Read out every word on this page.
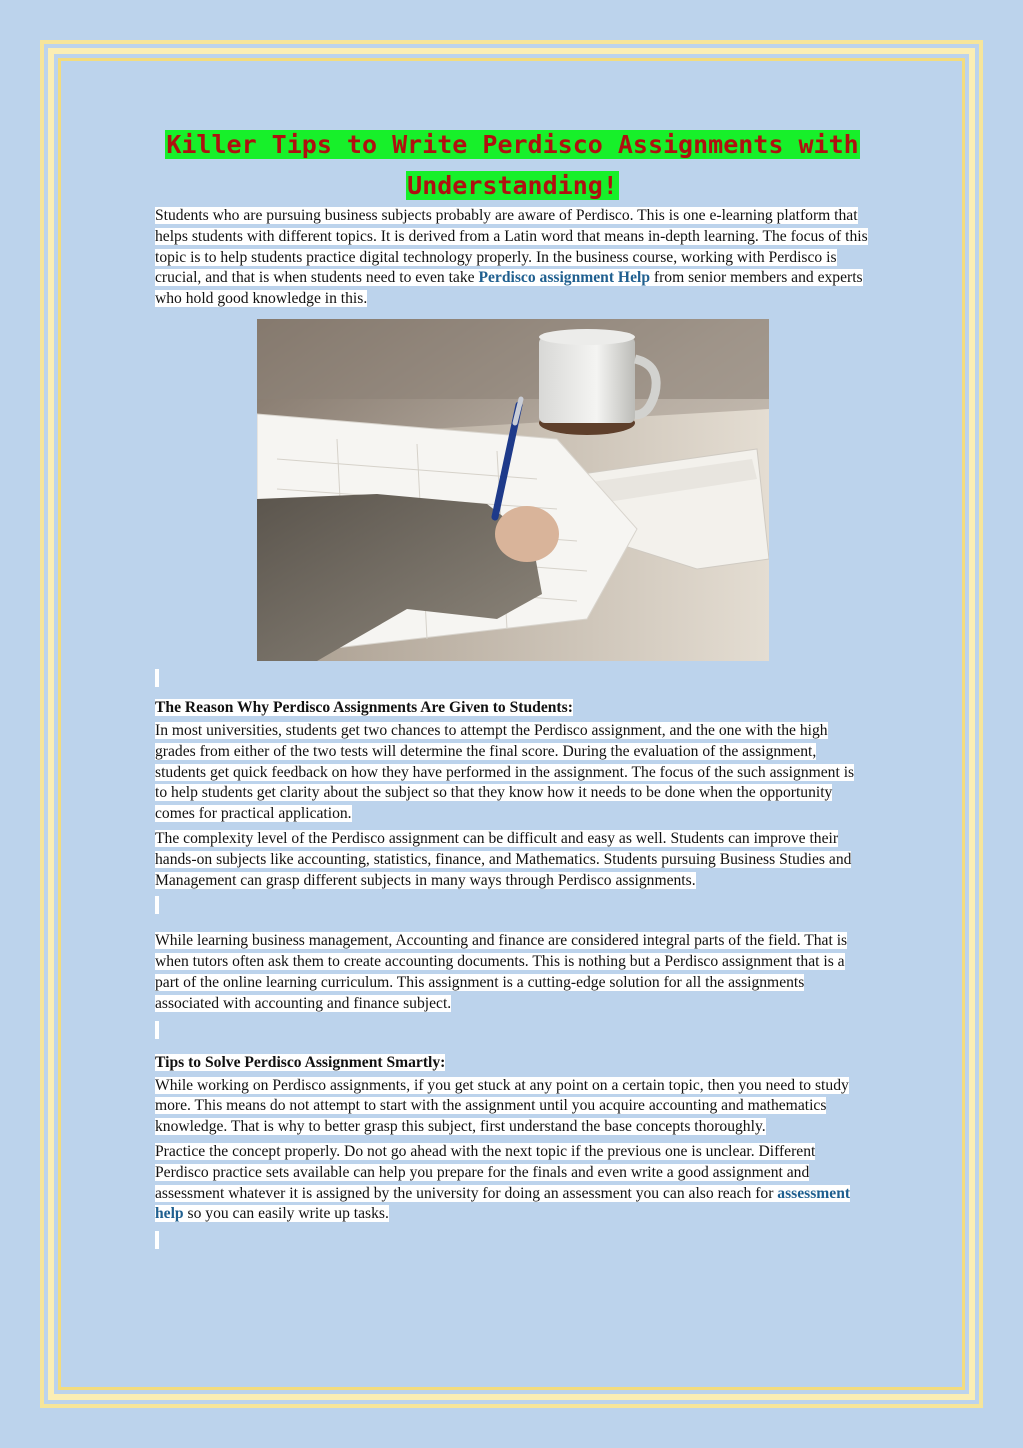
Killer Tips to Write Perdisco Assignments with
Understanding!

Students who are pursuing business subjects probably are aware of Perdisco. This is one e-learning platform that helps students with different topics. It is derived from a Latin word that means in-depth learning. The focus of this topic is to help students practice digital technology properly. In the business course, working with Perdisco is crucial, and that is when students need to even take Perdisco assignment Help from senior members and experts who hold good knowledge in this.

The Reason Why Perdisco Assignments Are Given to Students:

In most universities, students get two chances to attempt the Perdisco assignment, and the one with the high grades from either of the two tests will determine the final score. During the evaluation of the assignment, students get quick feedback on how they have performed in the assignment. The focus of the such assignment is to help students get clarity about the subject so that they know how it needs to be done when the opportunity comes for practical application.

The complexity level of the Perdisco assignment can be difficult and easy as well. Students can improve their hands-on subjects like accounting, statistics, finance, and Mathematics. Students pursuing Business Studies and Management can grasp different subjects in many ways through Perdisco assignments.

While learning business management, Accounting and finance are considered integral parts of the field. That is when tutors often ask them to create accounting documents. This is nothing but a Perdisco assignment that is a part of the online learning curriculum. This assignment is a cutting-edge solution for all the assignments associated with accounting and finance subject.

Tips to Solve Perdisco Assignment Smartly:

While working on Perdisco assignments, if you get stuck at any point on a certain topic, then you need to study more. This means do not attempt to start with the assignment until you acquire accounting and mathematics knowledge. That is why to better grasp this subject, first understand the base concepts thoroughly.

Practice the concept properly. Do not go ahead with the next topic if the previous one is unclear. Different Perdisco practice sets available can help you prepare for the finals and even write a good assignment and assessment whatever it is assigned by the university for doing an assessment you can also reach for assessment help so you can easily write up tasks.
